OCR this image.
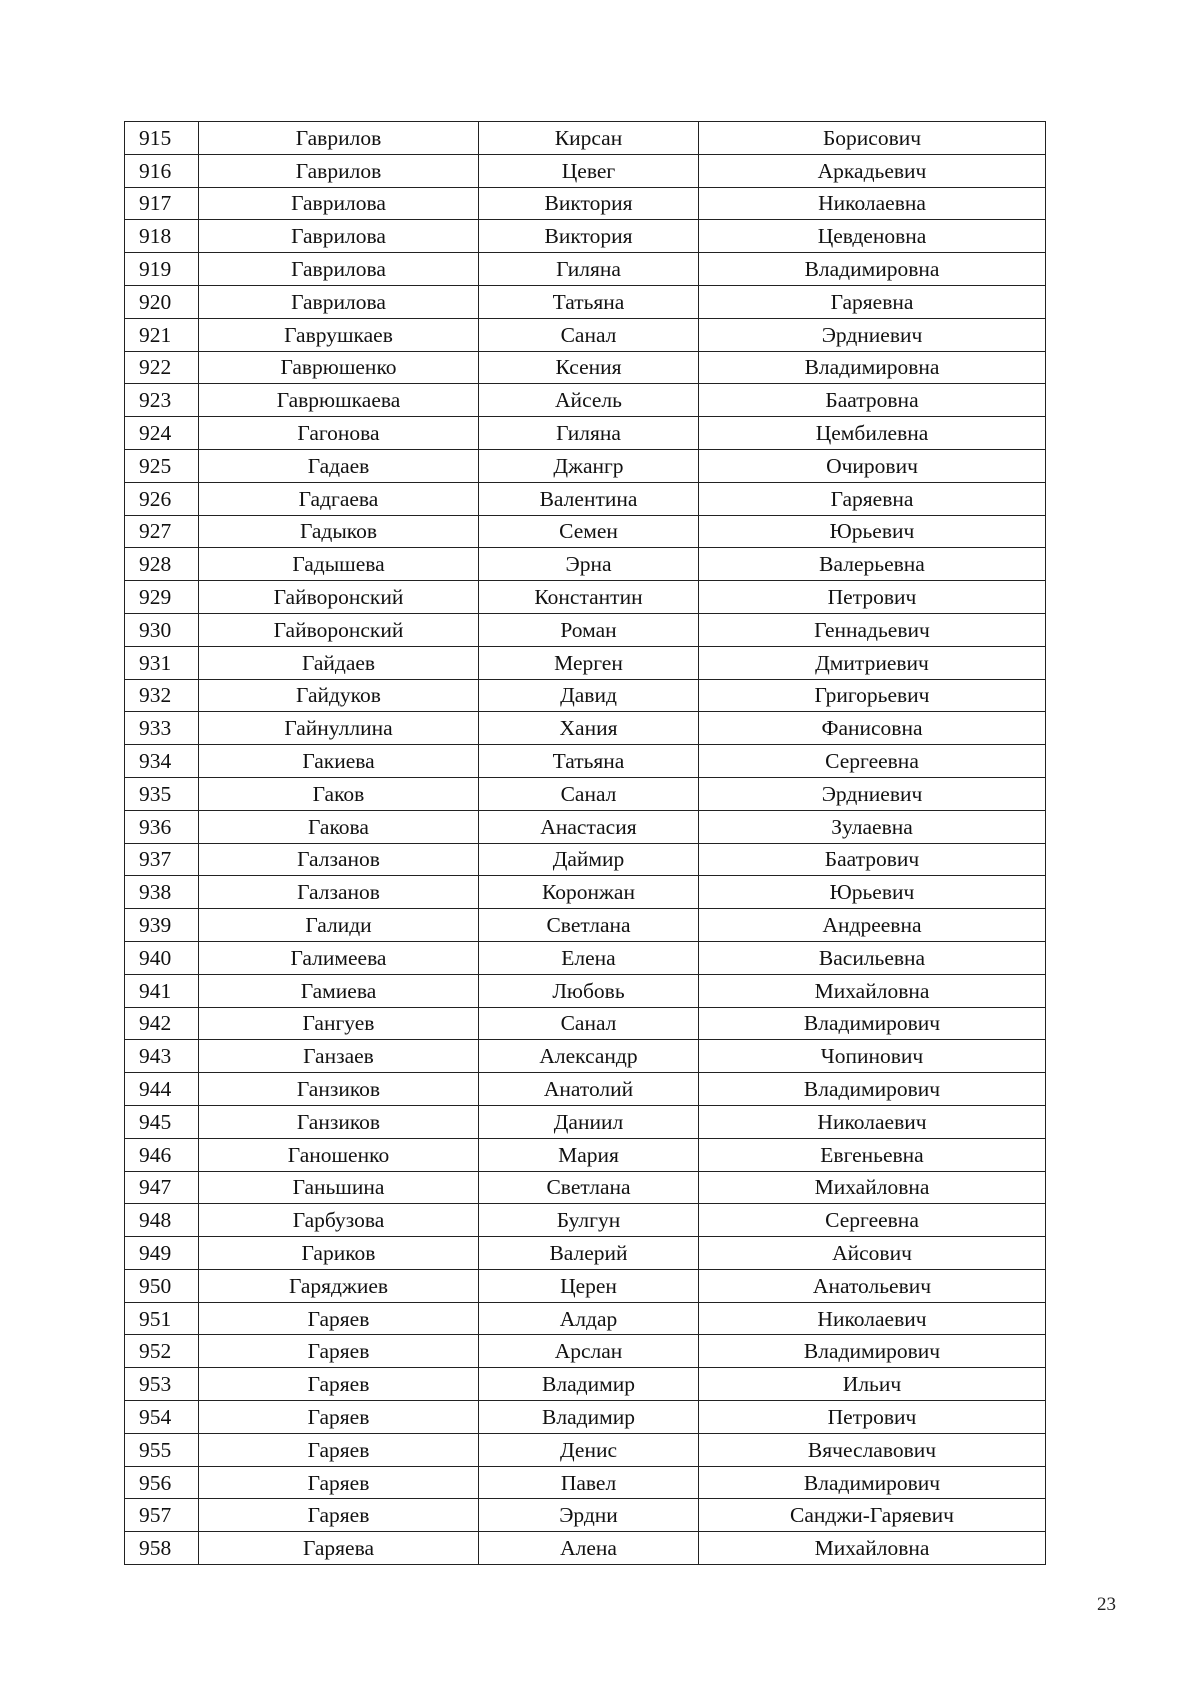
915	Гаврилов	Кирсан	Борисович
916	Гаврилов	Цевег	Аркадьевич
917	Гаврилова	Виктория	Николаевна
918	Гаврилова	Виктория	Цевденовна
919	Гаврилова	Гиляна	Владимировна
920	Гаврилова	Татьяна	Гаряевна
921	Гаврушкаев	Санал	Эрдниевич
922	Гаврюшенко	Ксения	Владимировна
923	Гаврюшкаева	Айсель	Баатровна
924	Гагонова	Гиляна	Цембилевна
925	Гадаев	Джангр	Очирович
926	Гадгаева	Валентина	Гаряевна
927	Гадыков	Семен	Юрьевич
928	Гадышева	Эрна	Валерьевна
929	Гайворонский	Константин	Петрович
930	Гайворонский	Роман	Геннадьевич
931	Гайдаев	Мерген	Дмитриевич
932	Гайдуков	Давид	Григорьевич
933	Гайнуллина	Хания	Фанисовна
934	Гакиева	Татьяна	Сергеевна
935	Гаков	Санал	Эрдниевич
936	Гакова	Анастасия	Зулаевна
937	Галзанов	Даймир	Баатрович
938	Галзанов	Коронжан	Юрьевич
939	Галиди	Светлана	Андреевна
940	Галимеева	Елена	Васильевна
941	Гамиева	Любовь	Михайловна
942	Гангуев	Санал	Владимирович
943	Ганзаев	Александр	Чопинович
944	Ганзиков	Анатолий	Владимирович
945	Ганзиков	Даниил	Николаевич
946	Ганошенко	Мария	Евгеньевна
947	Ганьшина	Светлана	Михайловна
948	Гарбузова	Булгун	Сергеевна
949	Гариков	Валерий	Айсович
950	Гаряджиев	Церен	Анатольевич
951	Гаряев	Алдар	Николаевич
952	Гаряев	Арслан	Владимирович
953	Гаряев	Владимир	Ильич
954	Гаряев	Владимир	Петрович
955	Гаряев	Денис	Вячеславович
956	Гаряев	Павел	Владимирович
957	Гаряев	Эрдни	Санджи-Гаряевич
958	Гаряева	Алена	Михайловна
23
